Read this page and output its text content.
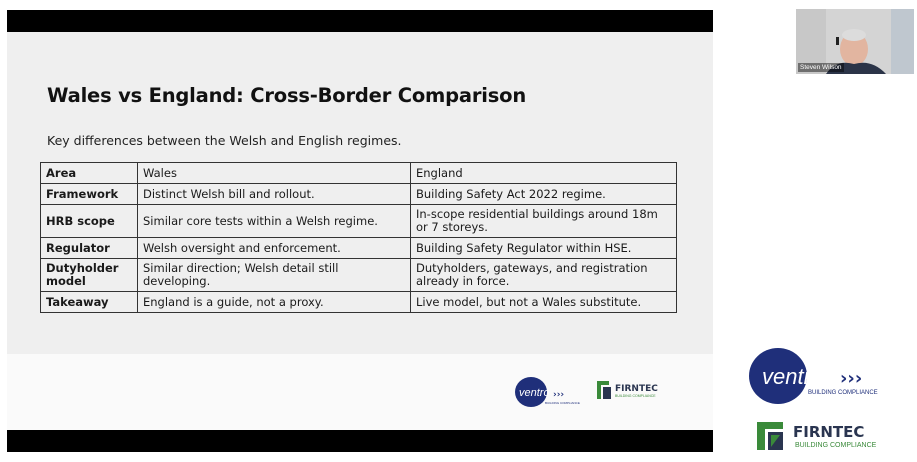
Wales vs England: Cross-Border Comparison
Key differences between the Welsh and English regimes.
Area	Wales	England
Framework	Distinct Welsh bill and rollout.	Building Safety Act 2022 regime.
HRB scope	Similar core tests within a Welsh regime.	In-scope residential buildings around 18m or 7 storeys.
Regulator	Welsh oversight and enforcement.	Building Safety Regulator within HSE.
Dutyholder model	Similar direction; Welsh detail still developing.	Dutyholders, gateways, and registration already in force.
Takeaway	England is a guide, not a proxy.	Live model, but not a Wales substitute.
ventro ›››
BUILDING COMPLIANCE
FIRNTEC
BUILDING COMPLIANCE
Steven Wilson
ventro ›››
BUILDING COMPLIANCE
FIRNTEC
BUILDING COMPLIANCE
